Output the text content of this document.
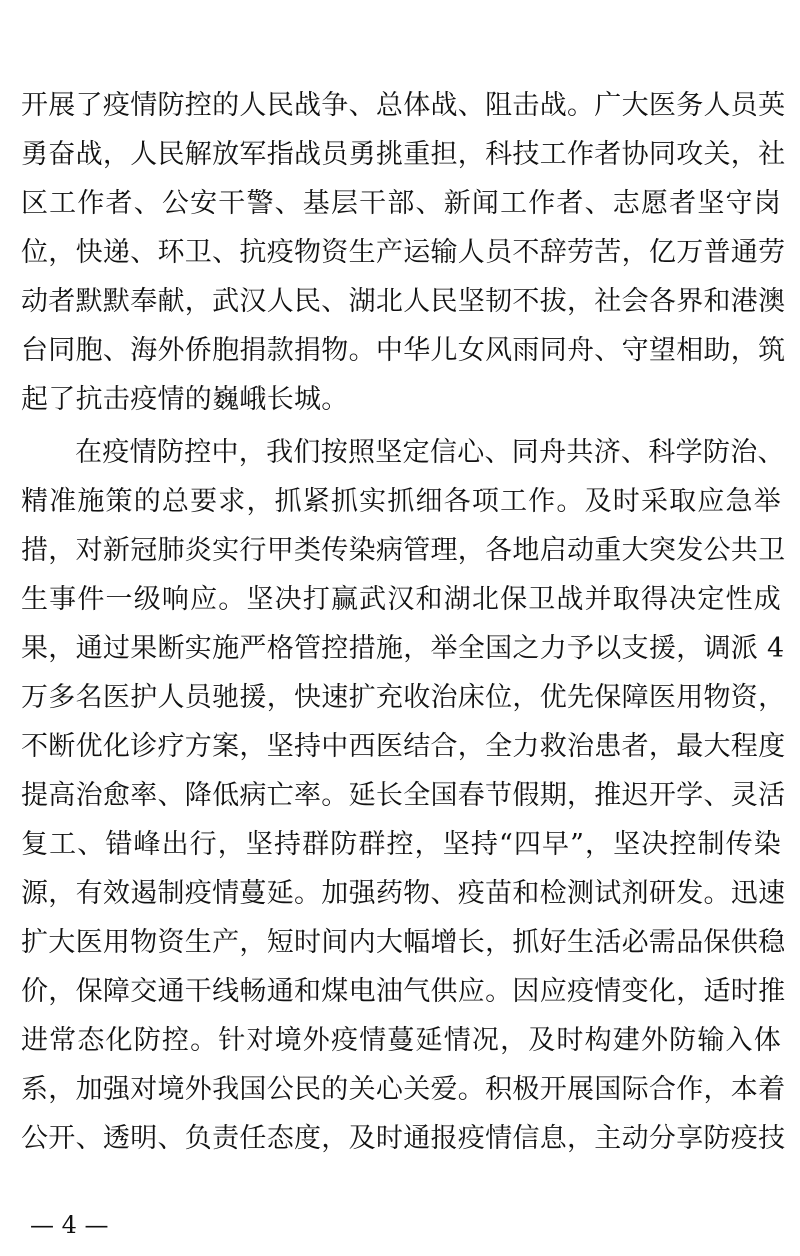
开展了疫情防控的人民战争、总体战、阻击战。广大医务人员英
勇奋战，人民解放军指战员勇挑重担，科技工作者协同攻关，社
区工作者、公安干警、基层干部、新闻工作者、志愿者坚守岗
位，快递、环卫、抗疫物资生产运输人员不辞劳苦，亿万普通劳
动者默默奉献，武汉人民、湖北人民坚韧不拔，社会各界和港澳
台同胞、海外侨胞捐款捐物。中华儿女风雨同舟、守望相助，筑
起了抗击疫情的巍峨长城。
在疫情防控中，我们按照坚定信心、同舟共济、科学防治、
精准施策的总要求，抓紧抓实抓细各项工作。及时采取应急举
措，对新冠肺炎实行甲类传染病管理，各地启动重大突发公共卫
生事件一级响应。坚决打赢武汉和湖北保卫战并取得决定性成
果，通过果断实施严格管控措施，举全国之力予以支援，调派 4
万多名医护人员驰援，快速扩充收治床位，优先保障医用物资，
不断优化诊疗方案，坚持中西医结合，全力救治患者，最大程度
提高治愈率、降低病亡率。延长全国春节假期，推迟开学、灵活
复工、错峰出行，坚持群防群控，坚持“四早”，坚决控制传染
源，有效遏制疫情蔓延。加强药物、疫苗和检测试剂研发。迅速
扩大医用物资生产，短时间内大幅增长，抓好生活必需品保供稳
价，保障交通干线畅通和煤电油气供应。因应疫情变化，适时推
进常态化防控。针对境外疫情蔓延情况，及时构建外防输入体
系，加强对境外我国公民的关心关爱。积极开展国际合作，本着
公开、透明、负责任态度，及时通报疫情信息，主动分享防疫技
— 4 —
